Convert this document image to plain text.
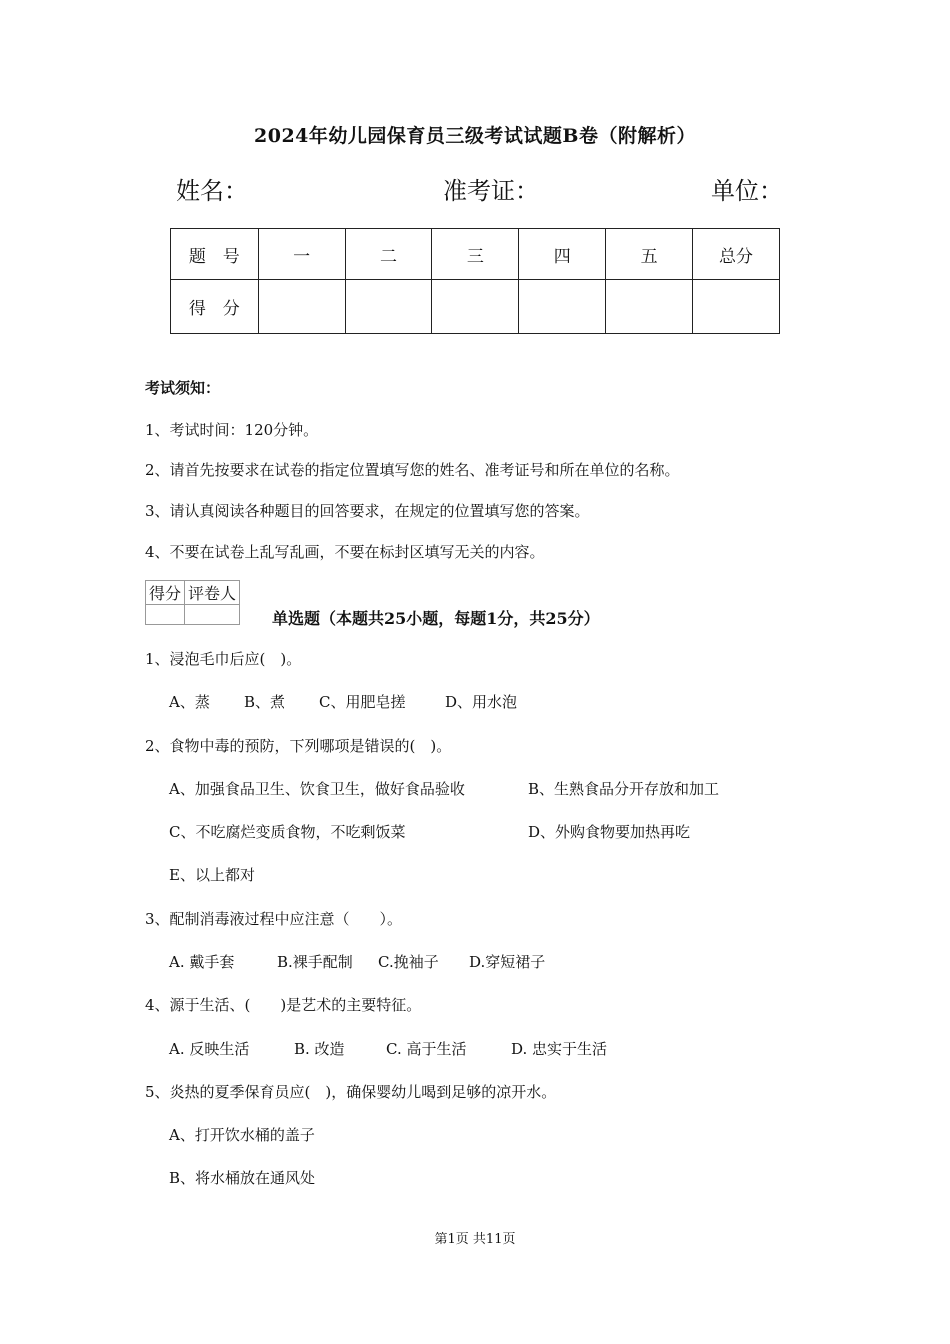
2024年幼儿园保育员三级考试试题B卷（附解析）
姓名：	准考证：	单位：
题　号	一	二	三	四	五	总分
得　分						
考试须知：
1、考试时间：120分钟。
2、请首先按要求在试卷的指定位置填写您的姓名、准考证号和所在单位的名称。
3、请认真阅读各种题目的回答要求，在规定的位置填写您的答案。
4、不要在试卷上乱写乱画，不要在标封区填写无关的内容。
得分	评卷人

单选题（本题共25小题，每题1分，共25分）
1、浸泡毛巾后应(　)。
A、蒸 B、煮 C、用肥皂搓	D、用水泡
2、食物中毒的预防，下列哪项是错误的(　)。
A、加强食品卫生、饮食卫生，做好食品验收	B、生熟食品分开存放和加工
C、不吃腐烂变质食物，不吃剩饭菜	D、外购食物要加热再吃
E、以上都对
3、配制消毒液过程中应注意（　　）。
A. 戴手套	B.裸手配制 C.挽袖子 D.穿短裙子
4、源于生活、(　　)是艺术的主要特征。
A. 反映生活	B. 改造	C. 高于生活	D. 忠实于生活
5、炎热的夏季保育员应(　)，确保婴幼儿喝到足够的凉开水。
A、打开饮水桶的盖子
B、将水桶放在通风处
第1页 共11页
